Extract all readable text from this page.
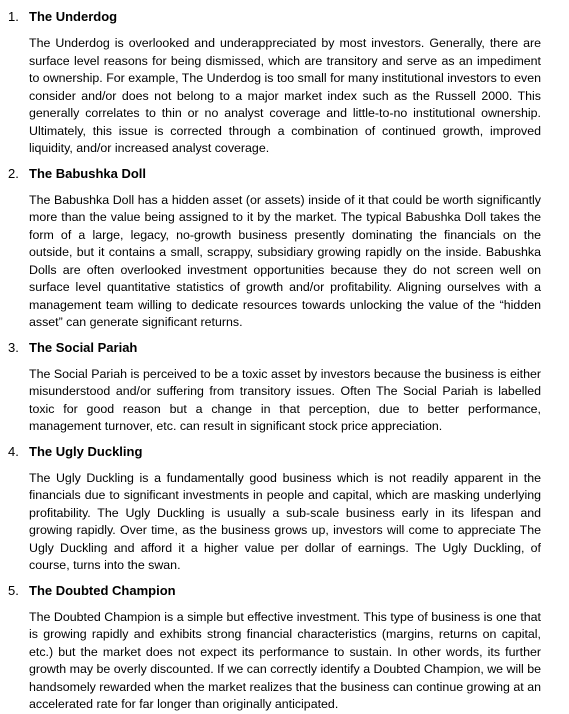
1. The Underdog

The Underdog is overlooked and underappreciated by most investors. Generally, there are surface level reasons for being dismissed, which are transitory and serve as an impediment to ownership. For example, The Underdog is too small for many institutional investors to even consider and/or does not belong to a major market index such as the Russell 2000. This generally correlates to thin or no analyst coverage and little-to-no institutional ownership. Ultimately, this issue is corrected through a combination of continued growth, improved liquidity, and/or increased analyst coverage.

2. The Babushka Doll

The Babushka Doll has a hidden asset (or assets) inside of it that could be worth significantly more than the value being assigned to it by the market. The typical Babushka Doll takes the form of a large, legacy, no-growth business presently dominating the financials on the outside, but it contains a small, scrappy, subsidiary growing rapidly on the inside. Babushka Dolls are often overlooked investment opportunities because they do not screen well on surface level quantitative statistics of growth and/or profitability. Aligning ourselves with a management team willing to dedicate resources towards unlocking the value of the “hidden asset” can generate significant returns.

3. The Social Pariah

The Social Pariah is perceived to be a toxic asset by investors because the business is either misunderstood and/or suffering from transitory issues. Often The Social Pariah is labelled toxic for good reason but a change in that perception, due to better performance, management turnover, etc. can result in significant stock price appreciation.

4. The Ugly Duckling

The Ugly Duckling is a fundamentally good business which is not readily apparent in the financials due to significant investments in people and capital, which are masking underlying profitability. The Ugly Duckling is usually a sub-scale business early in its lifespan and growing rapidly. Over time, as the business grows up, investors will come to appreciate The Ugly Duckling and afford it a higher value per dollar of earnings. The Ugly Duckling, of course, turns into the swan.

5. The Doubted Champion

The Doubted Champion is a simple but effective investment. This type of business is one that is growing rapidly and exhibits strong financial characteristics (margins, returns on capital, etc.) but the market does not expect its performance to sustain. In other words, its further growth may be overly discounted. If we can correctly identify a Doubted Champion, we will be handsomely rewarded when the market realizes that the business can continue growing at an accelerated rate for far longer than originally anticipated.
